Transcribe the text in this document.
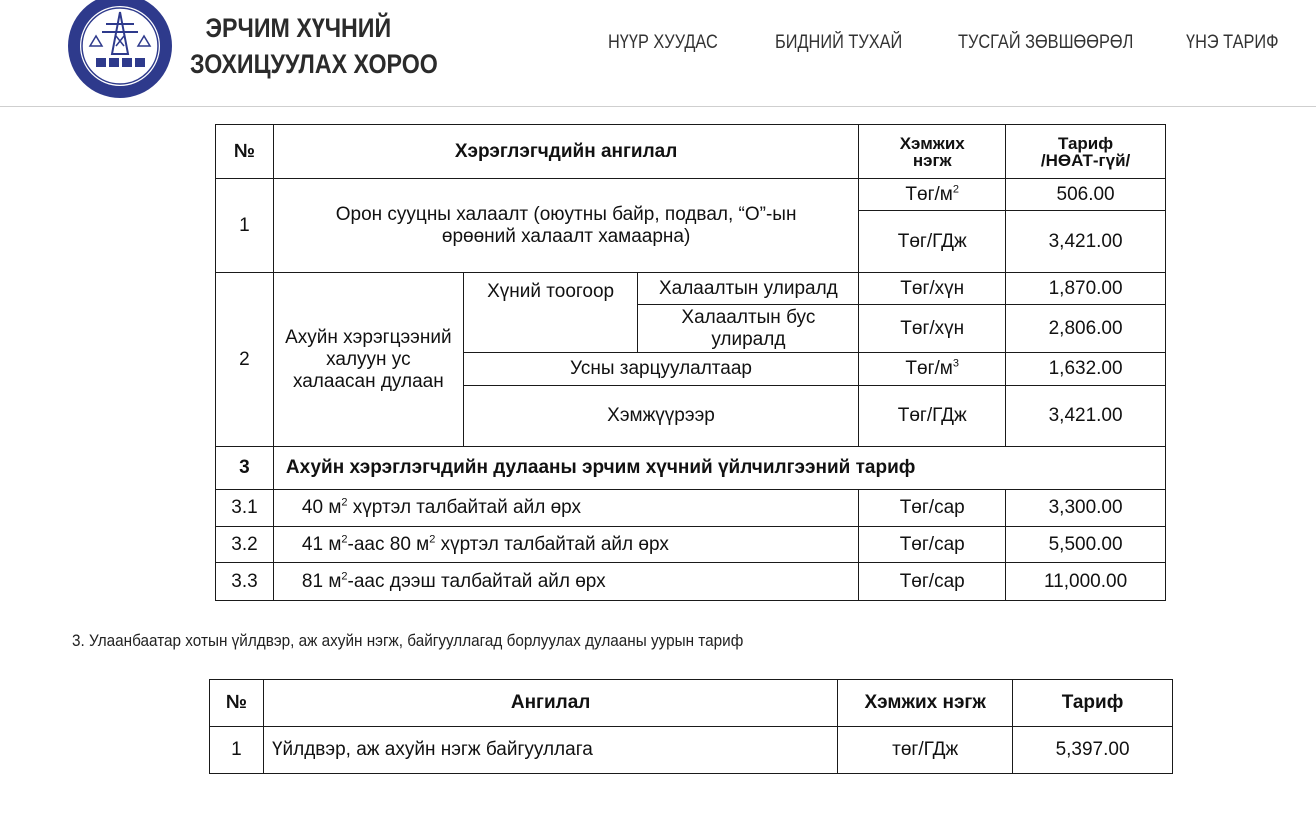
ЭРЧИМ ХҮЧНИЙ
ЗОХИЦУУЛАХ ХОРОО
НҮҮР ХУУДАС	БИДНИЙ ТУХАЙ	ТУСГАЙ ЗӨВШӨӨРӨЛ	ҮНЭ ТАРИФ
№	Хэрэглэгчдийн ангилал			Хэмжих нэгж	Тариф
/НӨАТ-гүй/
1	Орон сууцны халаалт (оюутны байр, подвал, “О”-ын өрөөний халаалт хамаарна)			Төг/$м^2$	506.00
				Төг/ГДж	3,421.00
2	Ахуйн хэрэгцээний халуун ус халаасан дулаан	Хүний тоогоор	Халаалтын улиралд	Төг/хүн	1,870.00
			Халаалтын бус улиралд	Төг/хүн	2,806.00
		Усны зарцуулалтаар		Төг/$м^3$	1,632.00
		Хэмжүүрээр		Төг/ГДж	3,421.00

3	Ахуйн хэрэглэгчдийн дулааны эрчим хүчний үйлчилгээний тариф				
3.1	40 $м^2$ хүртэл талбайтай айл өрх			Төг/сар	3,300.00
3.2	41 $м^2$-аас 80 $м^2$ хүртэл талбайтай айл өрх			Төг/сар	5,500.00
3.3	81 $м^2$-аас дээш талбайтай айл өрх			Төг/сар	11,000.00
3. Улаанбаатар хотын үйлдвэр, аж ахуйн нэгж, байгууллагад борлуулах дулааны уурын тариф
№	Ангилал	Хэмжих нэгж	Тариф
1	Үйлдвэр, аж ахуйн нэгж байгууллага	төг/ГДж	5,397.00
